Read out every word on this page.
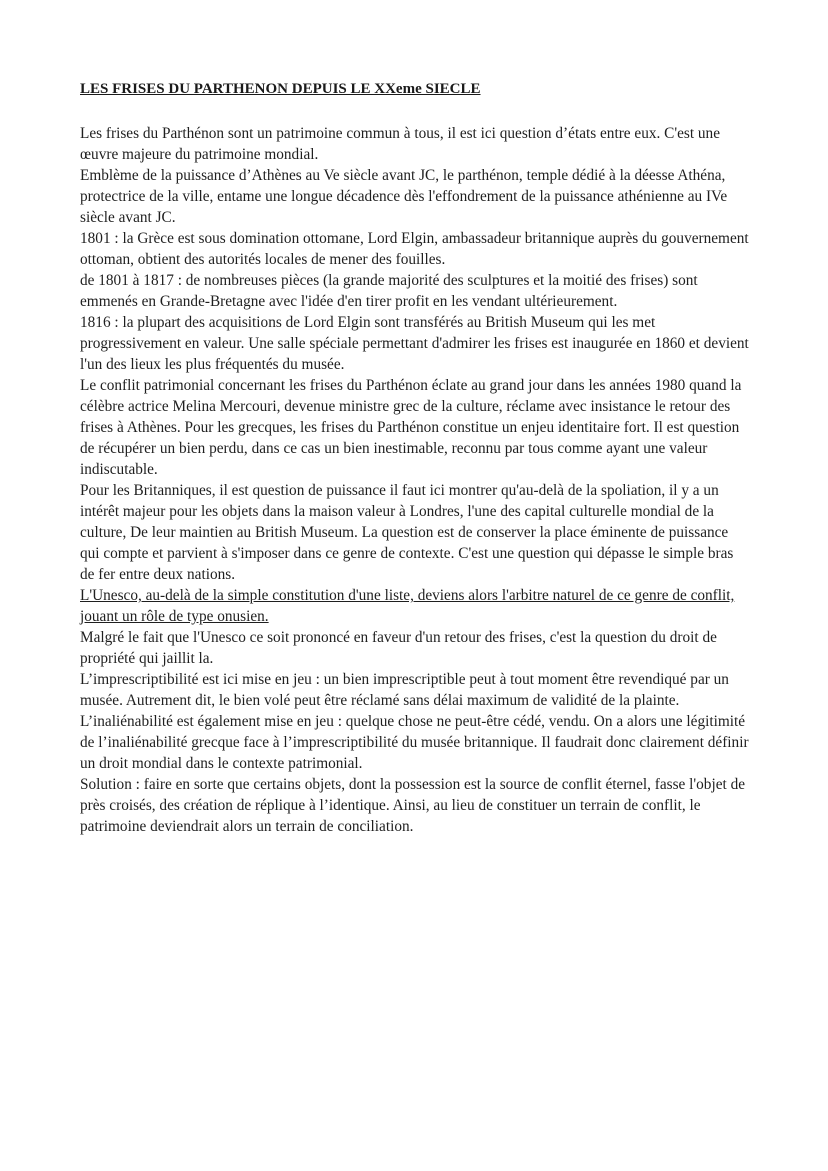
LES FRISES DU PARTHENON DEPUIS LE XXeme SIECLE

Les frises du Parthénon sont un patrimoine commun à tous, il est ici question d’états entre eux. C'est une œuvre majeure du patrimoine mondial.

Emblème de la puissance d’Athènes au Ve siècle avant JC, le parthénon, temple dédié à la déesse Athéna, protectrice de la ville, entame une longue décadence dès l'effondrement de la puissance athénienne au IVe siècle avant JC.

1801 : la Grèce est sous domination ottomane, Lord Elgin, ambassadeur britannique auprès du gouvernement ottoman, obtient des autorités locales de mener des fouilles.

de 1801 à 1817 : de nombreuses pièces (la grande majorité des sculptures et la moitié des frises) sont emmenés en Grande-Bretagne avec l'idée d'en tirer profit en les vendant ultérieurement.

1816 : la plupart des acquisitions de Lord Elgin sont transférés au British Museum qui les met progressivement en valeur. Une salle spéciale permettant d'admirer les frises est inaugurée en 1860 et devient l'un des lieux les plus fréquentés du musée.

Le conflit patrimonial concernant les frises du Parthénon éclate au grand jour dans les années 1980 quand la célèbre actrice Melina Mercouri, devenue ministre grec de la culture, réclame avec insistance le retour des frises à Athènes. Pour les grecques, les frises du Parthénon constitue un enjeu identitaire fort. Il est question de récupérer un bien perdu, dans ce cas un bien inestimable, reconnu par tous comme ayant une valeur indiscutable.

Pour les Britanniques, il est question de puissance il faut ici montrer qu'au-delà de la spoliation, il y a un intérêt majeur pour les objets dans la maison valeur à Londres, l'une des capital culturelle mondial de la culture, De leur maintien au British Museum. La question est de conserver la place éminente de puissance qui compte et parvient à s'imposer dans ce genre de contexte. C'est une question qui dépasse le simple bras de fer entre deux nations.

L'Unesco, au-delà de la simple constitution d'une liste, deviens alors l'arbitre naturel de ce genre de conflit, jouant un rôle de type onusien.

Malgré le fait que l'Unesco ce soit prononcé en faveur d'un retour des frises, c'est la question du droit de propriété qui jaillit la.

L’imprescriptibilité est ici mise en jeu : un bien imprescriptible peut à tout moment être revendiqué par un musée. Autrement dit, le bien volé peut être réclamé sans délai maximum de validité de la plainte.

L’inaliénabilité est également mise en jeu : quelque chose ne peut-être cédé, vendu. On a alors une légitimité de l’inaliénabilité grecque face à l’imprescriptibilité du musée britannique. Il faudrait donc clairement définir un droit mondial dans le contexte patrimonial.

Solution : faire en sorte que certains objets, dont la possession est la source de conflit éternel, fasse l'objet de près croisés, des création de réplique à l’identique. Ainsi, au lieu de constituer un terrain de conflit, le patrimoine deviendrait alors un terrain de conciliation.
